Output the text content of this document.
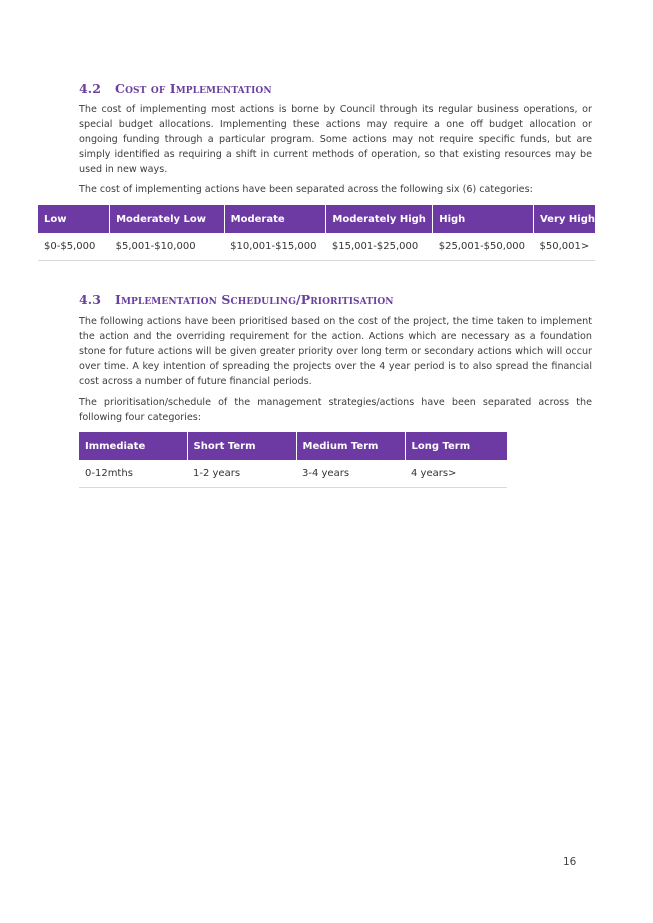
4.2 Cost of Implementation

The cost of implementing most actions is borne by Council through its regular business operations, or special budget allocations. Implementing these actions may require a one off budget allocation or ongoing funding through a particular program. Some actions may not require specific funds, but are simply identified as requiring a shift in current methods of operation, so that existing resources may be used in new ways.

The cost of implementing actions have been separated across the following six (6) categories:

Low	Moderately Low	Moderate	Moderately High	High	Very High
$0-$5,000	$5,001-$10,000	$10,001-$15,000	$15,001-$25,000	$25,001-$50,000	$50,001>
4.3 Implementation Scheduling/Prioritisation

The following actions have been prioritised based on the cost of the project, the time taken to implement the action and the overriding requirement for the action. Actions which are necessary as a foundation stone for future actions will be given greater priority over long term or secondary actions which will occur over time. A key intention of spreading the projects over the 4 year period is to also spread the financial cost across a number of future financial periods.

The prioritisation/schedule of the management strategies/actions have been separated across the following four categories:

Immediate	Short Term	Medium Term	Long Term
0-12mths	1-2 years	3-4 years	4 years>
16
